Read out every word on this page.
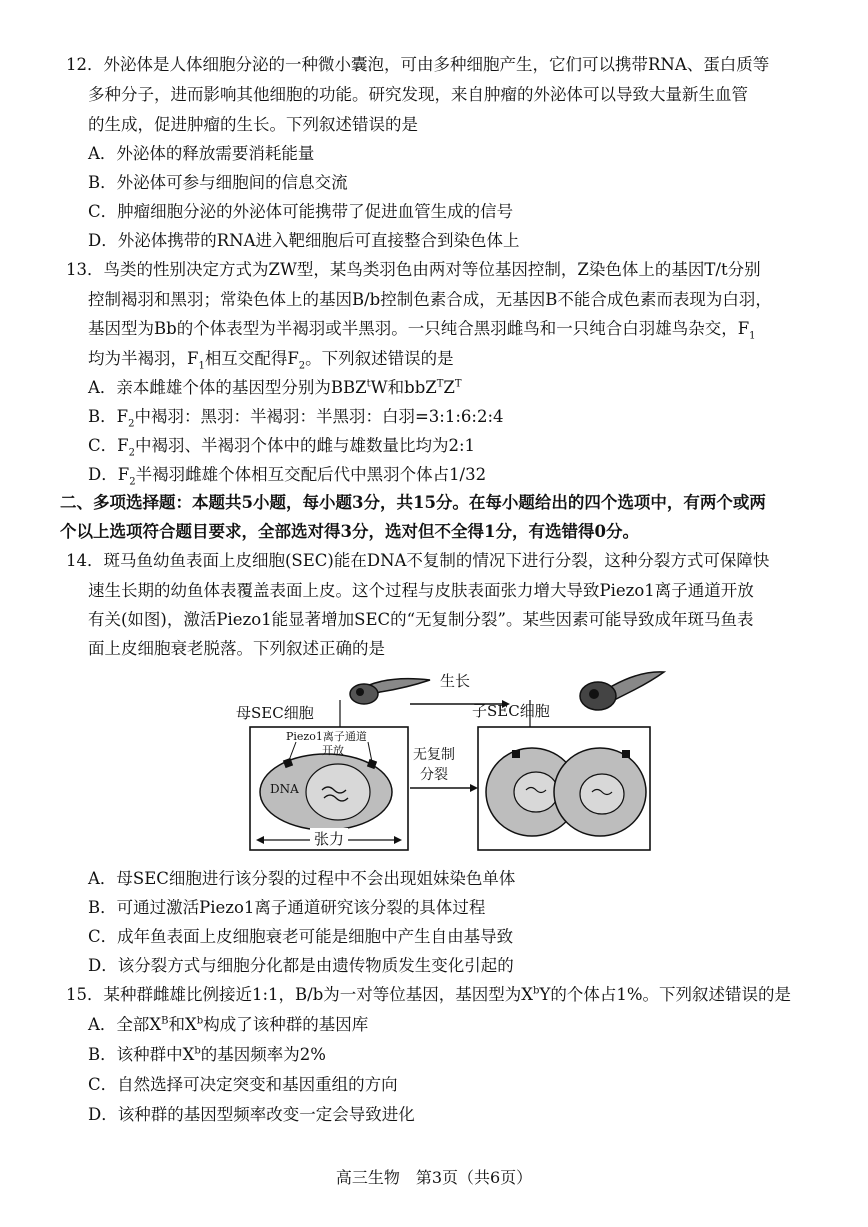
12．外泌体是人体细胞分泌的一种微小囊泡，可由多种细胞产生，它们可以携带RNA、蛋白质等
多种分子，进而影响其他细胞的功能。研究发现，来自肿瘤的外泌体可以导致大量新生血管
的生成，促进肿瘤的生长。下列叙述错误的是
A．外泌体的释放需要消耗能量
B．外泌体可参与细胞间的信息交流
C．肿瘤细胞分泌的外泌体可能携带了促进血管生成的信号
D．外泌体携带的RNA进入靶细胞后可直接整合到染色体上
13．鸟类的性别决定方式为ZW型，某鸟类羽色由两对等位基因控制，Z染色体上的基因T/t分别
控制褐羽和黑羽；常染色体上的基因B/b控制色素合成，无基因B不能合成色素而表现为白羽，
基因型为Bb的个体表型为半褐羽或半黑羽。一只纯合黑羽雌鸟和一只纯合白羽雄鸟杂交，$F_1$
均为半褐羽，$F_1$相互交配得$F_2$。下列叙述错误的是
A．亲本雌雄个体的基因型分别为BBZ$^t$W和$bbZ^TZ^T$
B．$F_2$中褐羽：黑羽：半褐羽：半黑羽：白羽=3:1:6:2:4
C．$F_2$中褐羽、半褐羽个体中的雌与雄数量比均为2:1
D．$F_2$半褐羽雌雄个体相互交配后代中黑羽个体占1/32
二、多项选择题：本题共5小题，每小题3分，共15分。在每小题给出的四个选项中，有两个或两
个以上选项符合题目要求，全部选对得3分，选对但不全得1分，有选错得0分。
14．斑马鱼幼鱼表面上皮细胞(SEC)能在DNA不复制的情况下进行分裂，这种分裂方式可保障快
速生长期的幼鱼体表覆盖表面上皮。这个过程与皮肤表面张力增大导致Piezo1离子通道开放
有关(如图)，激活Piezo1能显著增加SEC的“无复制分裂”。某些因素可能导致成年斑马鱼表
面上皮细胞衰老脱落。下列叙述正确的是
生长
母SEC细胞	子SEC细胞
Piezo1离子通道
开放	无复制
分裂
DNA
张力
A．母SEC细胞进行该分裂的过程中不会出现姐妹染色单体
B．可通过激活Piezo1离子通道研究该分裂的具体过程
C．成年鱼表面上皮细胞衰老可能是细胞中产生自由基导致
D．该分裂方式与细胞分化都是由遗传物质发生变化引起的
15．某种群雌雄比例接近1:1，B/b为一对等位基因，基因型为$X^bY$的个体占1%。下列叙述错误的是
A．全部$X^B$和$X^b$构成了该种群的基因库
B．该种群中$X^b$的基因频率为2%
C．自然选择可决定突变和基因重组的方向
D．该种群的基因型频率改变一定会导致进化
高三生物　第3页（共6页）
